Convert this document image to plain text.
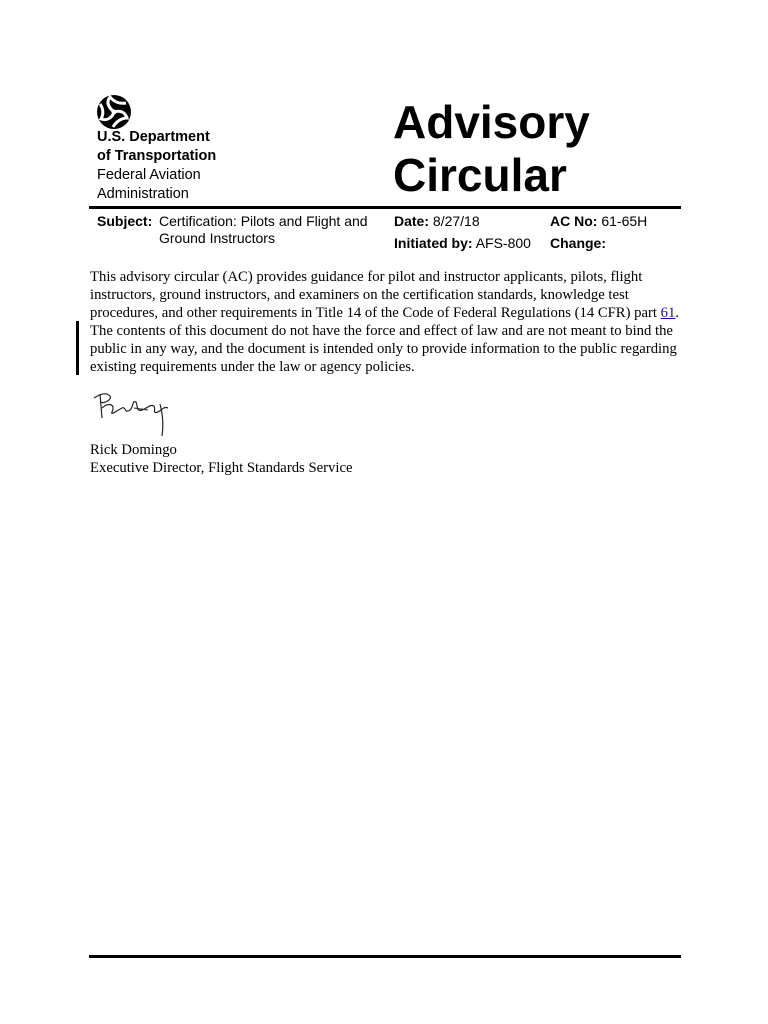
U.S. Department
of Transportation
Federal Aviation
Administration
Advisory
Circular
Subject: Certification: Pilots and Flight and Ground Instructors
Date: 8/27/18
Initiated by: AFS-800
AC No: 61-65H
Change:

This advisory circular (AC) provides guidance for pilot and instructor applicants, pilots, flight instructors, ground instructors, and examiners on the certification standards, knowledge test procedures, and other requirements in Title 14 of the Code of Federal Regulations (14 CFR) part 61. The contents of this document do not have the force and effect of law and are not meant to bind the public in any way, and the document is intended only to provide information to the public regarding existing requirements under the law or agency policies.

Rick Domingo
Executive Director, Flight Standards Service
